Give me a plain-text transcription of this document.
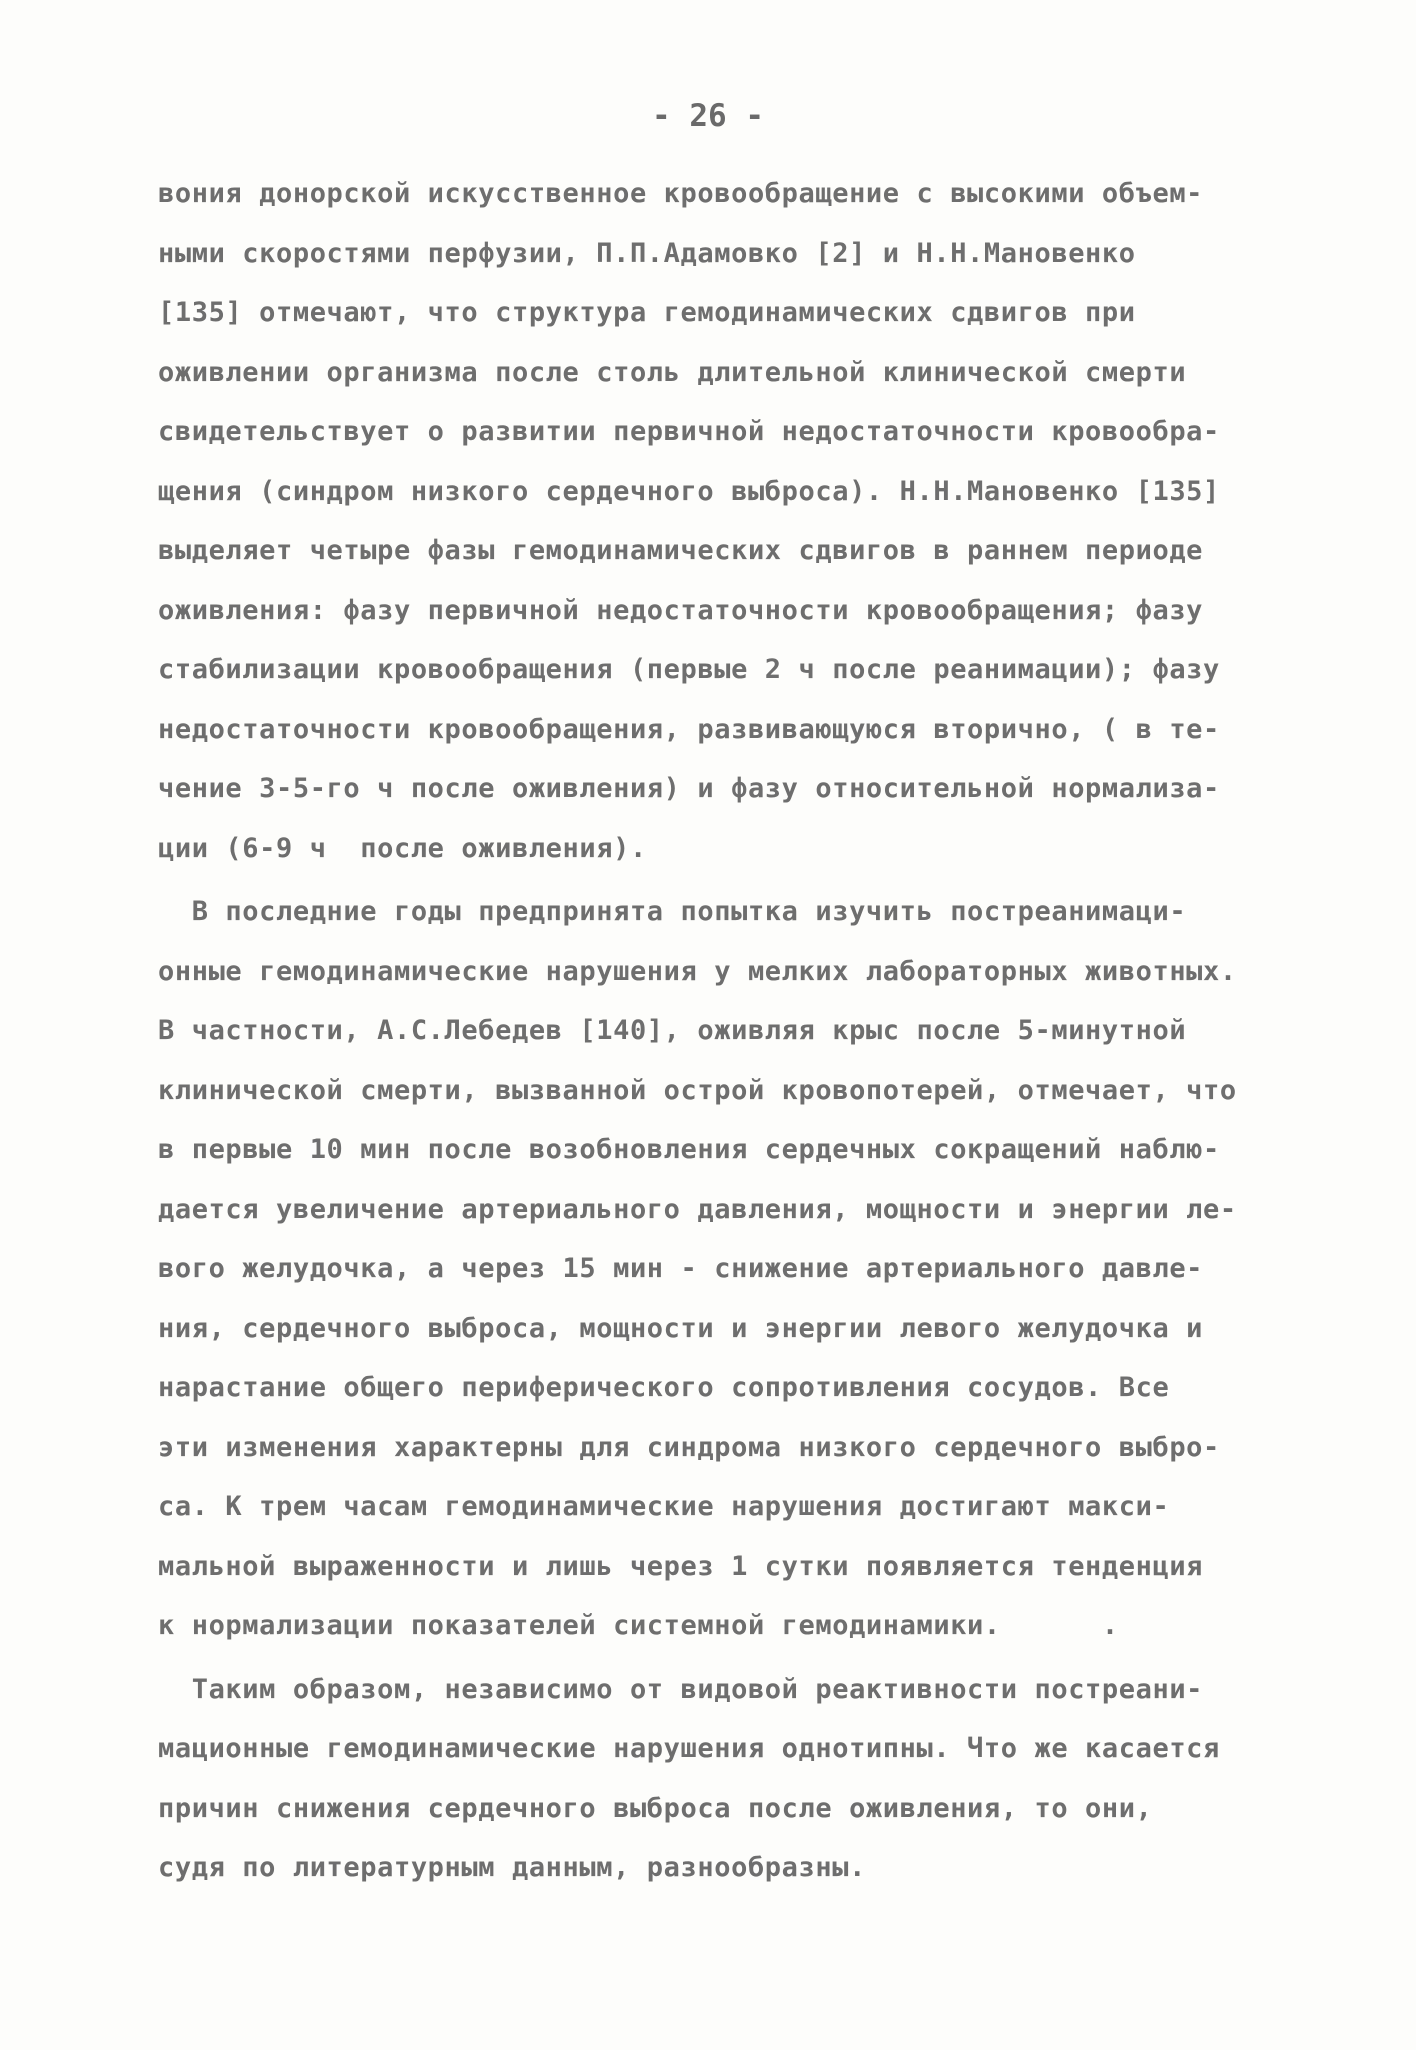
- 26 -
вония донорской искусственное кровообращение с высокими объем-
ными скоростями перфузии, П.П.Адамовко [2] и Н.Н.Мановенко
[135] отмечают, что структура гемодинамических сдвигов при
оживлении организма после столь длительной клинической смерти
свидетельствует о развитии первичной недостаточности кровообра-
щения (синдром низкого сердечного выброса). Н.Н.Мановенко [135]
выделяет четыре фазы гемодинамических сдвигов в раннем периоде
оживления: фазу первичной недостаточности кровообращения; фазу
стабилизации кровообращения (первые 2 ч после реанимации); фазу
недостаточности кровообращения, развивающуюся вторично, ( в те-
чение 3-5-го ч после оживления) и фазу относительной нормализа-
ции (6-9 ч  после оживления).
В последние годы предпринята попытка изучить постреанимаци-
онные гемодинамические нарушения у мелких лабораторных животных.
В частности, А.С.Лебедев [140], оживляя крыс после 5-минутной
клинической смерти, вызванной острой кровопотерей, отмечает, что
в первые 10 мин после возобновления сердечных сокращений наблю-
дается увеличение артериального давления, мощности и энергии ле-
вого желудочка, а через 15 мин - снижение артериального давле-
ния, сердечного выброса, мощности и энергии левого желудочка и
нарастание общего периферического сопротивления сосудов. Все
эти изменения характерны для синдрома низкого сердечного выбро-
са. К трем часам гемодинамические нарушения достигают макси-
мальной выраженности и лишь через 1 сутки появляется тенденция
к нормализации показателей системной гемодинамики.      .
Таким образом, независимо от видовой реактивности постреани-
мационные гемодинамические нарушения однотипны. Что же касается
причин снижения сердечного выброса после оживления, то они,
судя по литературным данным, разнообразны.
